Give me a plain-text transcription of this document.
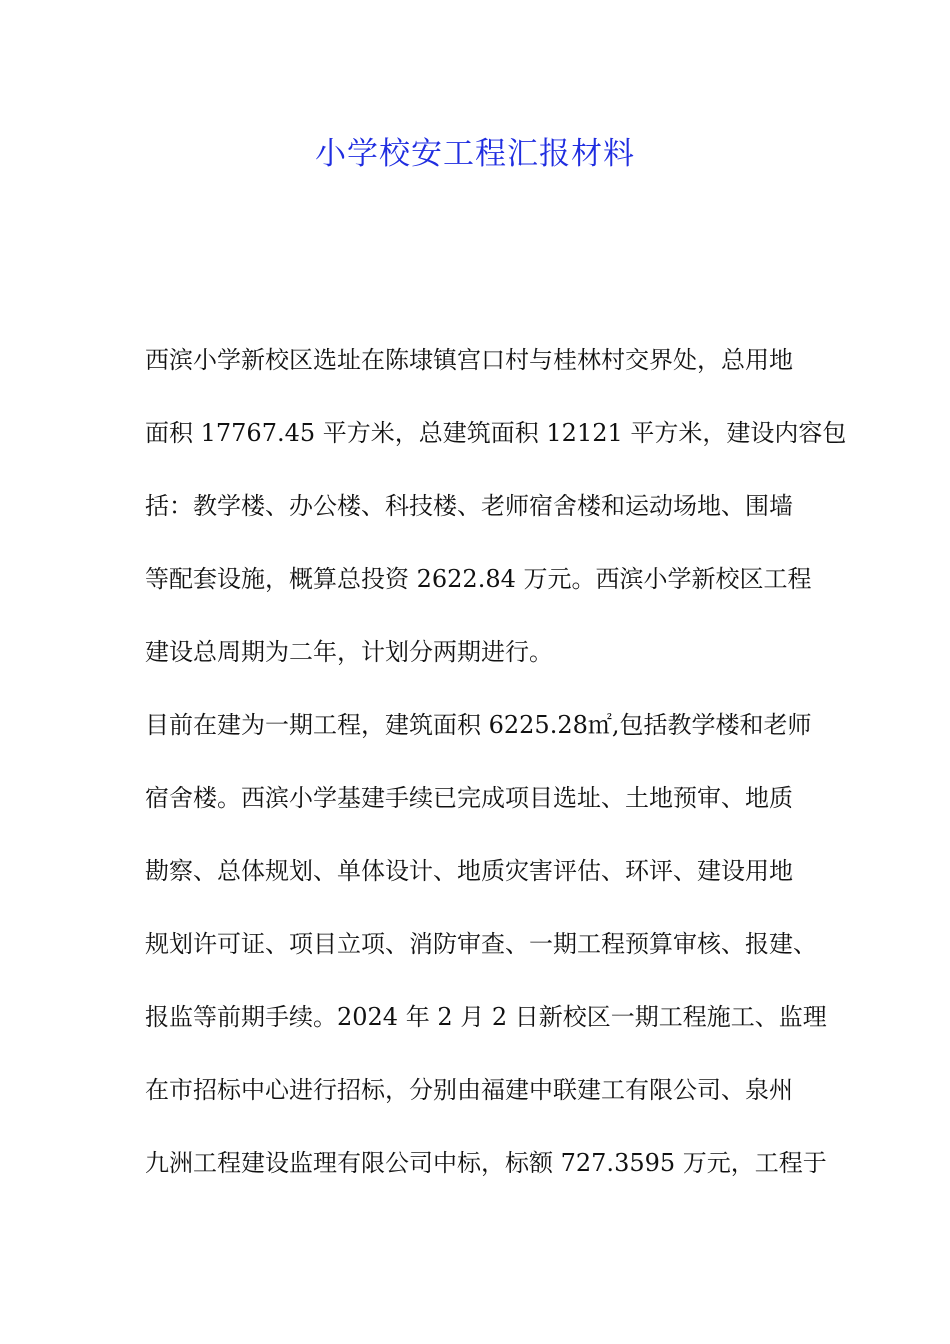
小学校安工程汇报材料
西滨小学新校区选址在陈埭镇宫口村与桂林村交界处，总用地
面积 17767.45 平方米，总建筑面积 12121 平方米，建设内容包
括：教学楼、办公楼、科技楼、老师宿舍楼和运动场地、围墙
等配套设施，概算总投资 2622.84 万元。西滨小学新校区工程
建设总周期为二年，计划分两期进行。
目前在建为一期工程，建筑面积 6225.28㎡,包括教学楼和老师
宿舍楼。西滨小学基建手续已完成项目选址、土地预审、地质
勘察、总体规划、单体设计、地质灾害评估、环评、建设用地
规划许可证、项目立项、消防审查、一期工程预算审核、报建、
报监等前期手续。2024 年 2 月 2 日新校区一期工程施工、监理
在市招标中心进行招标，分别由福建中联建工有限公司、泉州
九洲工程建设监理有限公司中标，标额 727.3595 万元，工程于
